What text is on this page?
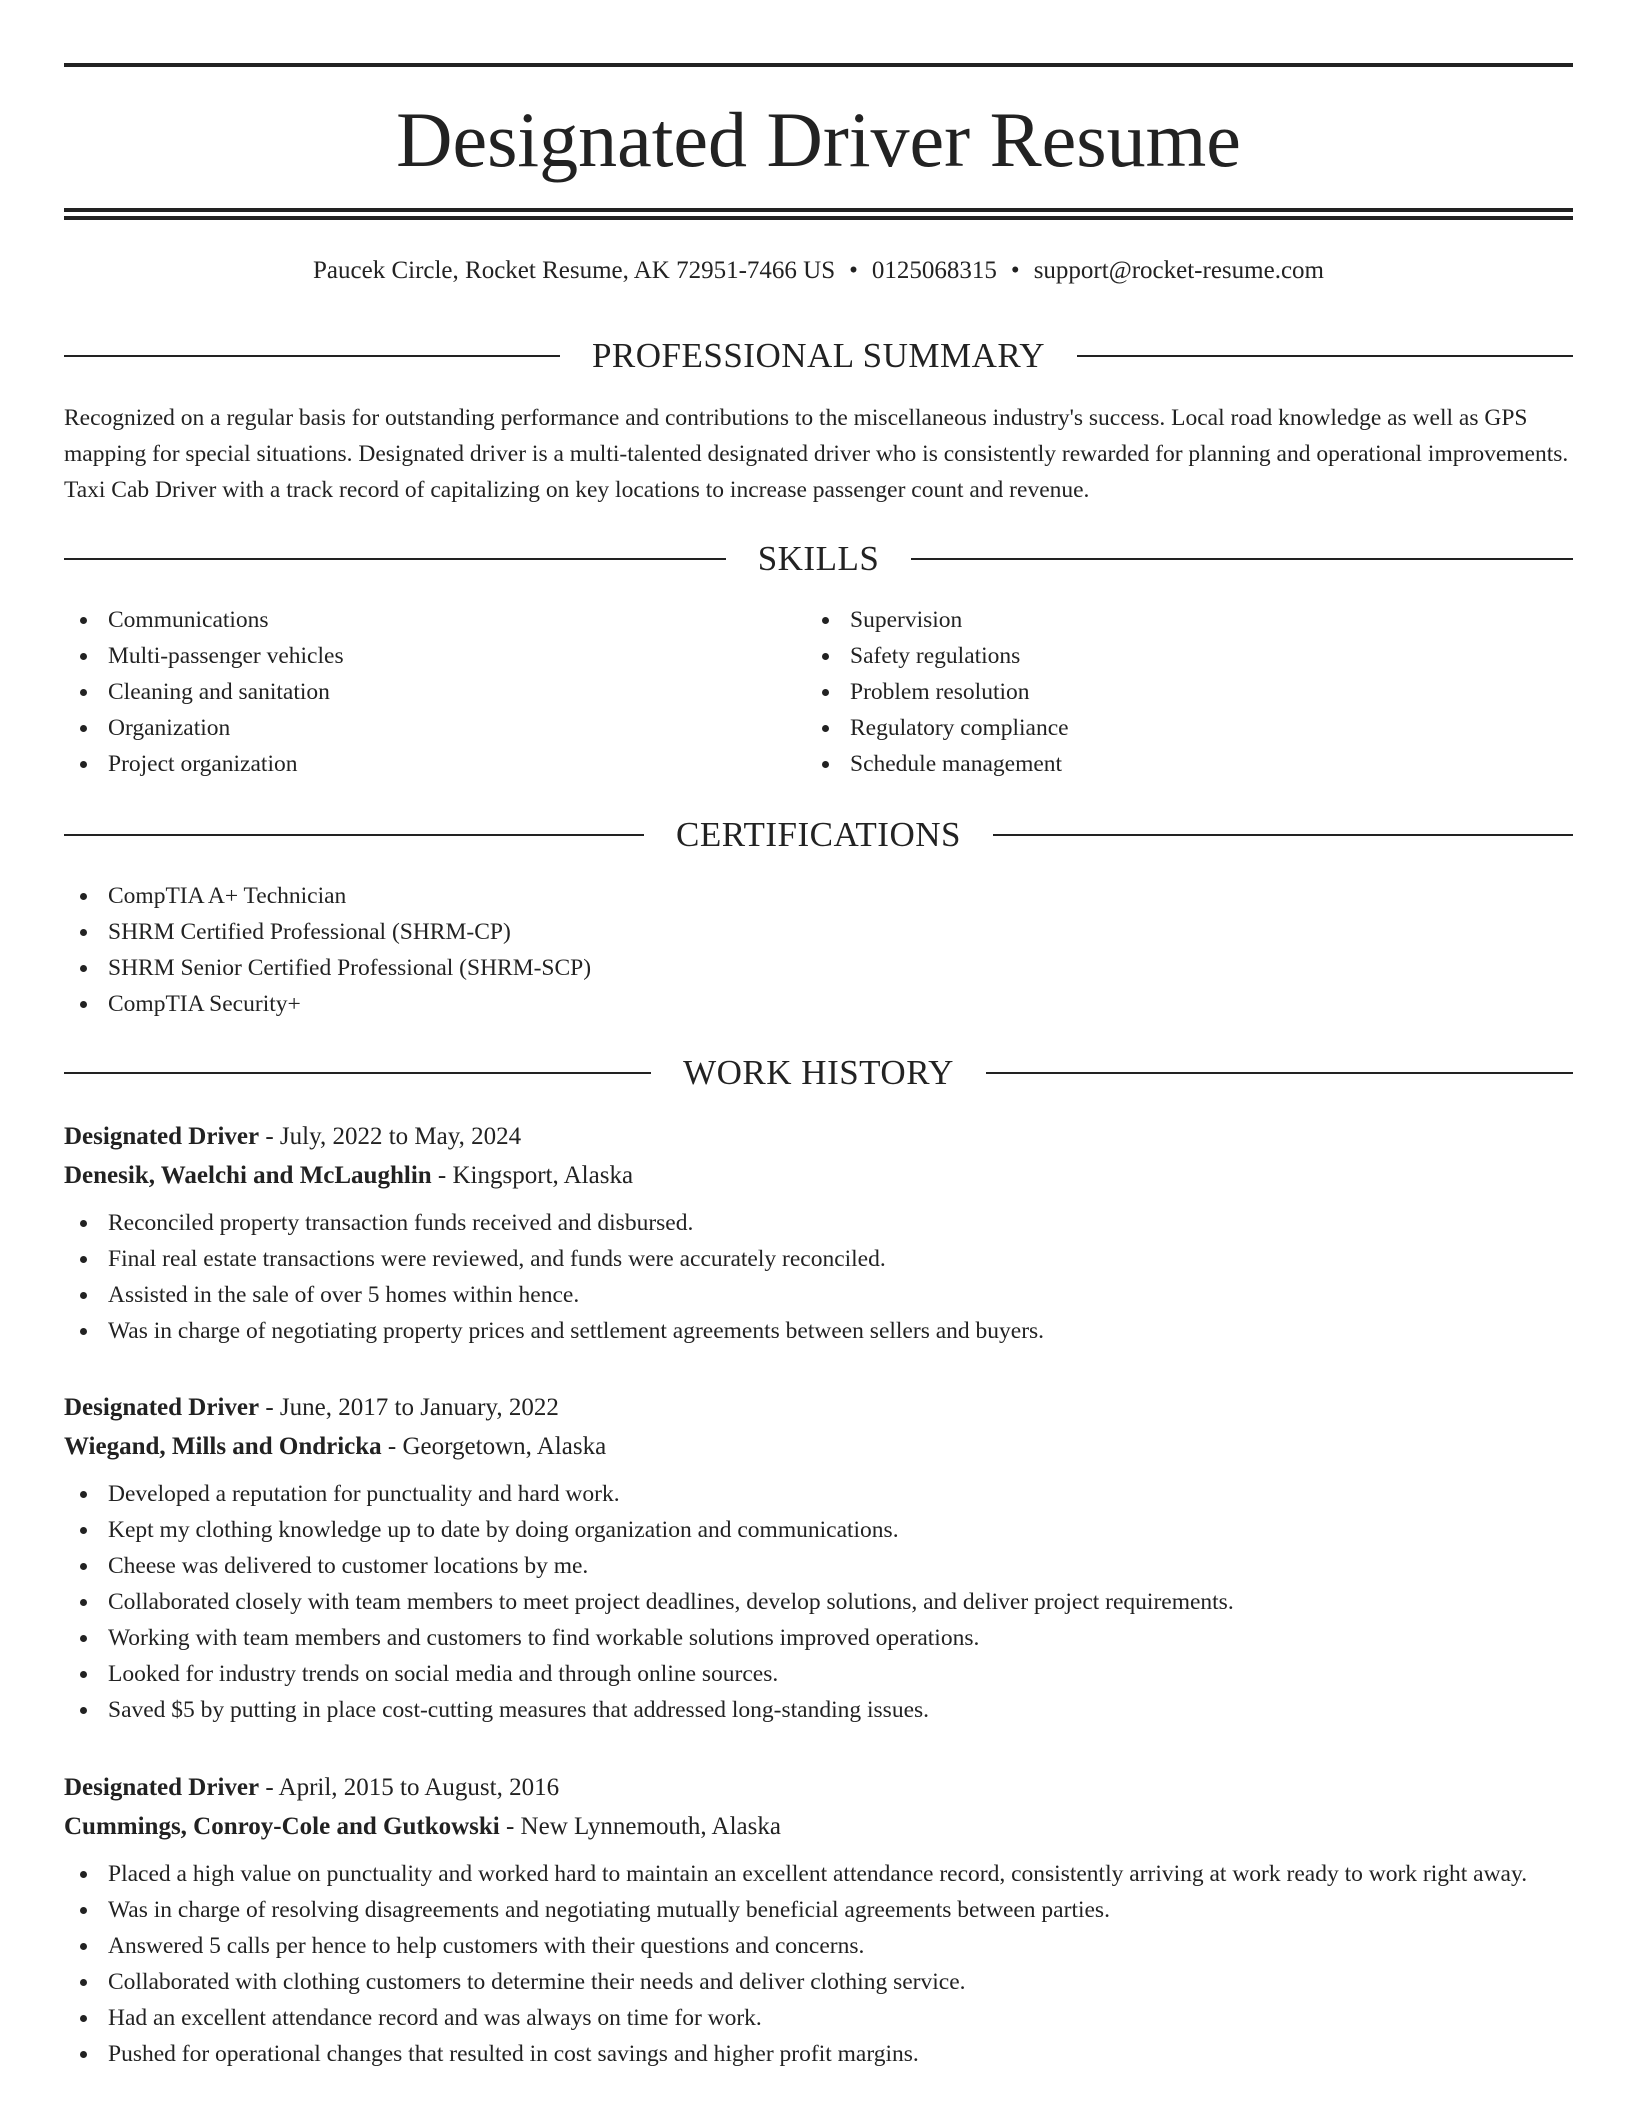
Designated Driver Resume
Paucek Circle, Rocket Resume, AK 72951-7466 US • 0125068315 • support@rocket-resume.com
PROFESSIONAL SUMMARY

Recognized on a regular basis for outstanding performance and contributions to the miscellaneous industry's success. Local road knowledge as well as GPS mapping for special situations. Designated driver is a multi-talented designated driver who is consistently rewarded for planning and operational improvements. Taxi Cab Driver with a track record of capitalizing on key locations to increase passenger count and revenue.

SKILLS
Communications
Multi-passenger vehicles
Cleaning and sanitation
Organization
Project organization
Supervision
Safety regulations
Problem resolution
Regulatory compliance
Schedule management
CERTIFICATIONS
CompTIA A+ Technician
SHRM Certified Professional (SHRM-CP)
SHRM Senior Certified Professional (SHRM-SCP)
CompTIA Security+
WORK HISTORY
Designated Driver - July, 2022 to May, 2024
Denesik, Waelchi and McLaughlin - Kingsport, Alaska
Reconciled property transaction funds received and disbursed.
Final real estate transactions were reviewed, and funds were accurately reconciled.
Assisted in the sale of over 5 homes within hence.
Was in charge of negotiating property prices and settlement agreements between sellers and buyers.
Designated Driver - June, 2017 to January, 2022
Wiegand, Mills and Ondricka - Georgetown, Alaska
Developed a reputation for punctuality and hard work.
Kept my clothing knowledge up to date by doing organization and communications.
Cheese was delivered to customer locations by me.
Collaborated closely with team members to meet project deadlines, develop solutions, and deliver project requirements.
Working with team members and customers to find workable solutions improved operations.
Looked for industry trends on social media and through online sources.
Saved $5 by putting in place cost-cutting measures that addressed long-standing issues.
Designated Driver - April, 2015 to August, 2016
Cummings, Conroy-Cole and Gutkowski - New Lynnemouth, Alaska
Placed a high value on punctuality and worked hard to maintain an excellent attendance record, consistently arriving at work ready to work right away.
Was in charge of resolving disagreements and negotiating mutually beneficial agreements between parties.
Answered 5 calls per hence to help customers with their questions and concerns.
Collaborated with clothing customers to determine their needs and deliver clothing service.
Had an excellent attendance record and was always on time for work.
Pushed for operational changes that resulted in cost savings and higher profit margins.
